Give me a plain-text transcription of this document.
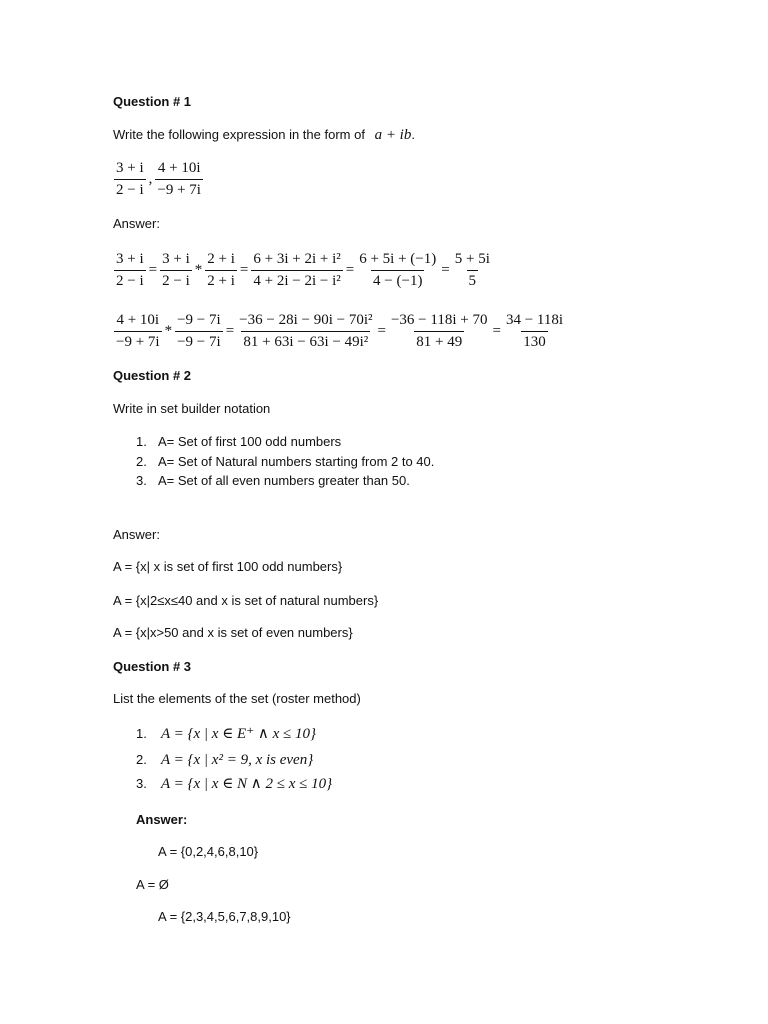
Question # 1
Write the following expression in the form of a + ib.
$\frac{3 + i}{2 - i}$ , $\frac{4 + 10i}{-9 + 7i}$
Answer:
$\frac{3 + i}{2 - i} = \frac{3 + i}{2 - i} * \frac{2 + i}{2 + i} = \frac{\text{6 + 3i + 2i + i²}}{\text{4 + 2i − 2i − i²}} = \frac{6 + 5i + (-1)}{4 - (-1)} = \frac{5 + 5i}{5}$
$\frac{4 + 10i}{-9 + 7i} * \frac{-9 - 7i}{-9 - 7i} = \frac{\text{−36 − 28i − 90i − 70i²}}{\text{81 + 63i − 63i − 49i²}} = \frac{-36 - 118i + 70}{81 + 49} = \frac{34 - 118i}{130}$
Question # 2
Write in set builder notation
1. A= Set of first 100 odd numbers
2. A= Set of Natural numbers starting from 2 to 40.
3. A= Set of all even numbers greater than 50.
Answer:
A = {x| x is set of first 100 odd numbers}
A = {x|2≤x≤40 and x is set of natural numbers}
A = {x|x>50 and x is set of even numbers}
Question # 3
List the elements of the set (roster method)
1. A = {x | x ∈ E⁺ ∧ x ≤ 10}
2. A = {x | x² = 9, x is even}
3. A = {x | x ∈ N ∧ 2 ≤ x ≤ 10}
Answer:
A = {0,2,4,6,8,10}
A = Ø
A = {2,3,4,5,6,7,8,9,10}
